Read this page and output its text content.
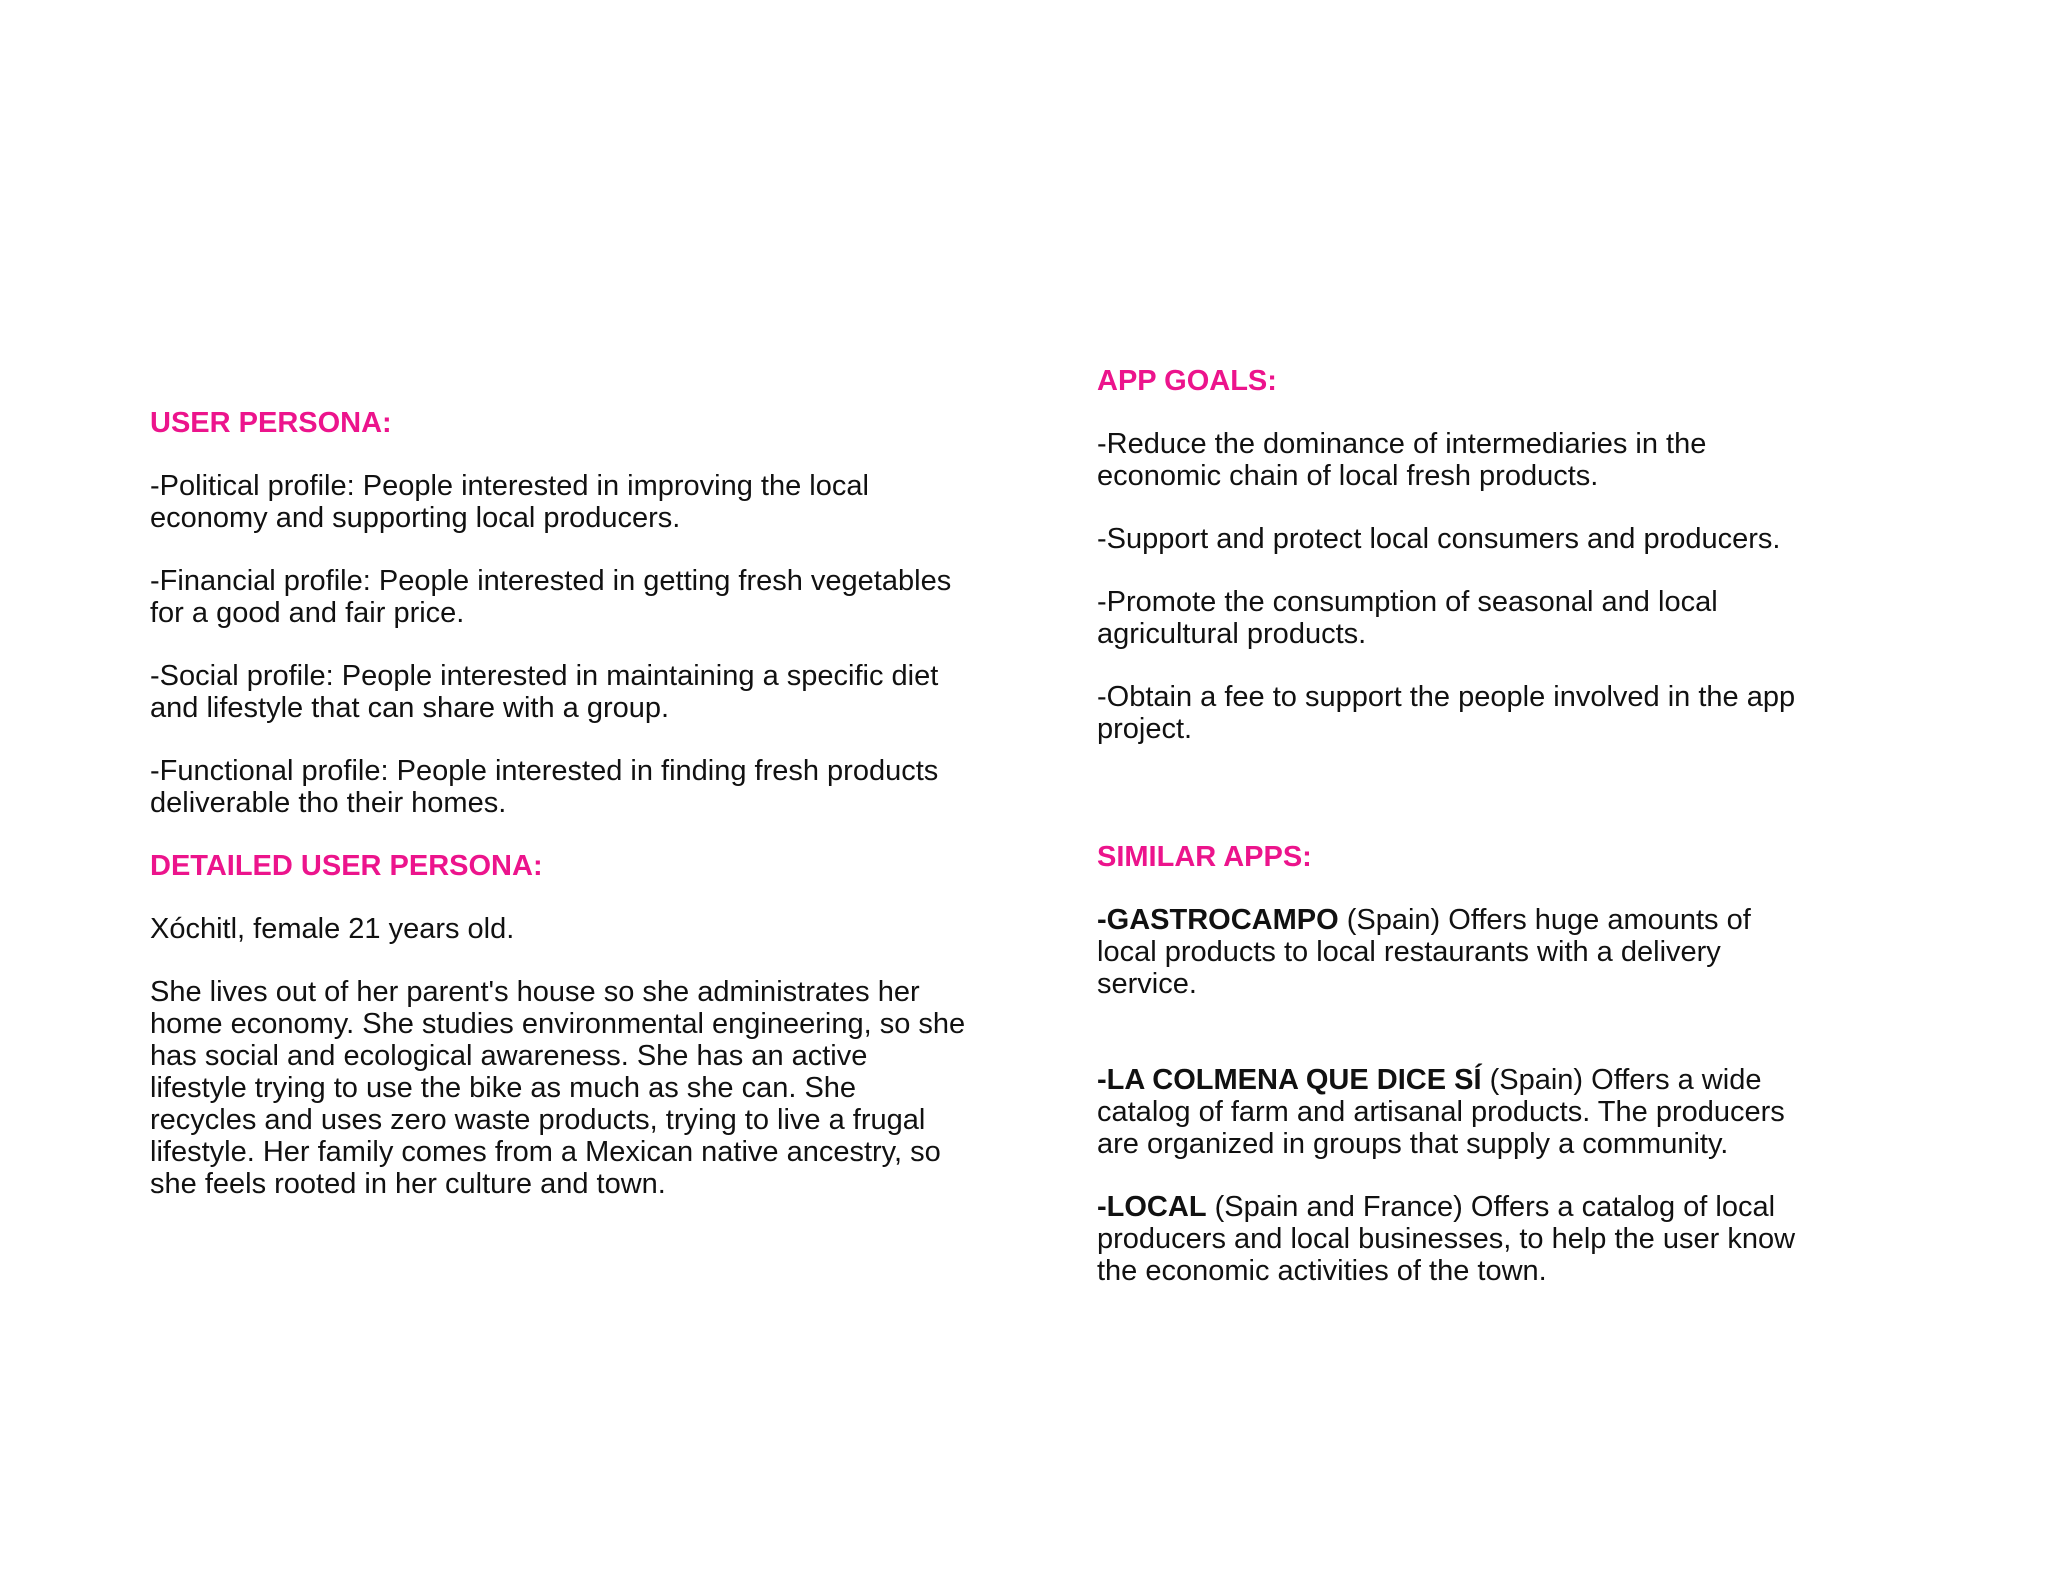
USER PERSONA:

-Political profile: People interested in improving the local economy and supporting local producers.

-Financial profile: People interested in getting fresh vegetables for a good and fair price.

-Social profile: People interested in maintaining a specific diet and lifestyle that can share with a group.

-Functional profile: People interested in finding fresh products deliverable tho their homes.

DETAILED USER PERSONA:

Xóchitl, female 21 years old.

She lives out of her parent's house so she administrates her home economy. She studies environmental engineering, so she has social and ecological awareness. She has an active lifestyle trying to use the bike as much as she can. She recycles and uses zero waste products, trying to live a frugal lifestyle. Her family comes from a Mexican native ancestry, so she feels rooted in her culture and town.

APP GOALS:

-Reduce the dominance of intermediaries in the economic chain of local fresh products.

-Support and protect local consumers and producers.

-Promote the consumption of seasonal and local agricultural products.

-Obtain a fee to support the people involved in the app project.

SIMILAR APPS:

-GASTROCAMPO (Spain) Offers huge amounts of local products to local restaurants with a delivery service.

-LA COLMENA QUE DICE SÍ (Spain) Offers a wide catalog of farm and artisanal products. The producers are organized in groups that supply a community.

-LOCAL (Spain and France) Offers a catalog of local producers and local businesses, to help the user know the economic activities of the town.
